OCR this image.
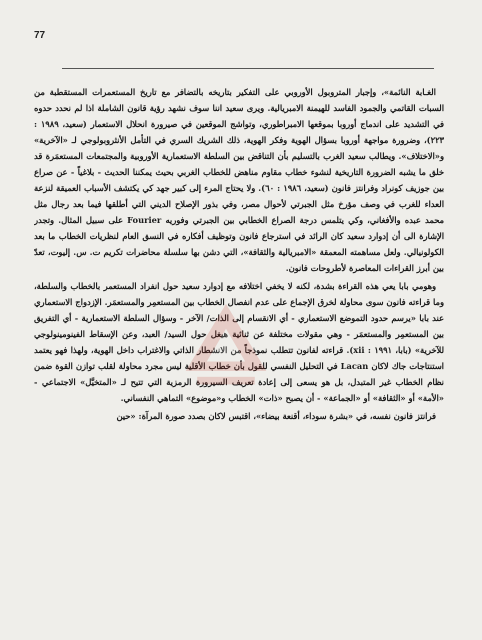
77

الغـابة النائمة»، وإجبار المتروبول الأوروبي على التفكير بتاريخه بالتضافر مع تاريخ المستعمرات المستقطبة من السبات القاتمي والجمود الفاسد للهيمنة الامبريالية. ويرى سعيد اننا سوف نشهد رؤية قانون الشاملة اذا لم نحدد حدوه في التشديد على اندماج أوروبا بموقعها الامبراطوري، وتواشج الموقعين في صيرورة انحلال الاستعمار (سعيد، ١٩٨٩ : ٢٢٣)، وضرورة مواجهة أوروبا بسؤال الهوية وفكر الهوية، ذلك الشريك السري في التأمل الأنثروبولوجي لـ «الآخرية» و«الاختلاف». ويطالب سعيد الغرب بالتسليم بأن التناقض بين السلطة الاستعمارية الأوروبية والمجتمعات المستعمَرة قد خلق ما يشبه الضرورة التاريخية لنشوء خطاب مقاوم مناهض للخطاب الغربي بحيث يمكننا الحديث - بلاغياً - عن صراع بين جوزيف كونراد وفرانتز فانون (سعيد، ١٩٨٦ : ٦٠). ولا يحتاج المرء إلى كبير جهد كي يكتشف الأسباب العميقة لنزعة العداء للغرب في وصف مؤرخ مثل الجبرتي لأحوال مصر، وفي بذور الإصلاح الديني التي أطلقها فيما بعد رجال مثل محمد عبده والأفغاني، وكي يتلمس درجة الصراع الخطابي بين الجبرتي وفوريه Fourier على سبيل المثال. وتجدر الإشارة الى أن إدوارد سعيد كان الرائد في استرجاع فانون وتوظيف أفكاره في النسق العام لنظريات الخطاب ما بعد الكولونيالي. ولعل مساهمته المعمقة «الامبريالية والثقافة»، التي دشن بها سلسلة محاضرات تكريم ت. س. إليوت، تعدّ بين أبرز القراءات المعاصرة لأطروحات فانون.

وهومي بابا يعي هذه القراءة بشدة، لكنه لا يخفي اختلافه مع إدوارد سعيد حول انفراد المستعمر بالخطاب والسلطة، وما قراءته فانون سوى محاولة لخرق الإجماع على عدم انفصال الخطاب بين المستعمِر والمستعمَر. الإزدواج الاستعماري عند بابا «يرسم حدود التموضع الاستعماري - أي الانقسام إلى الذات/ الآخر - وسؤال السلطة الاستعمارية - أي التفريق بين المستعمِر والمستعمَر - وهي مقولات مختلفة عن ثنائية هيغل حول السيد/ العبد، وعن الإسقاط الفينومينولوجي للآخرية» (بابا، ١٩٩١ : xii). قراءته لفانون تتطلب نموذجاً من الانشطار الذاتي والاغتراب داخل الهوية، ولهذا فهو يعتمد استنتاجات جاك لاكان Lacan في التحليل النفسي للقول بأن خطاب الأقلية ليس مجرد محاولة لقلب توازن القوة ضمن نظام الخطاب غير المتبدل، بل هو يسعى إلى إعادة تعريف السيرورة الرمزية التي تتيح لـ «المتخيَّل» الاجتماعي - «الأمة» أو «الثقافة» أو «الجماعة» - أن يصبح «ذات» الخطاب و«موضوع» التماهي النفساني.

فرانتز فانون نفسه، في «بشرة سوداء، أقنعة بيضاء»، اقتبس لاكان بصدد صورة المرآة: «حين
